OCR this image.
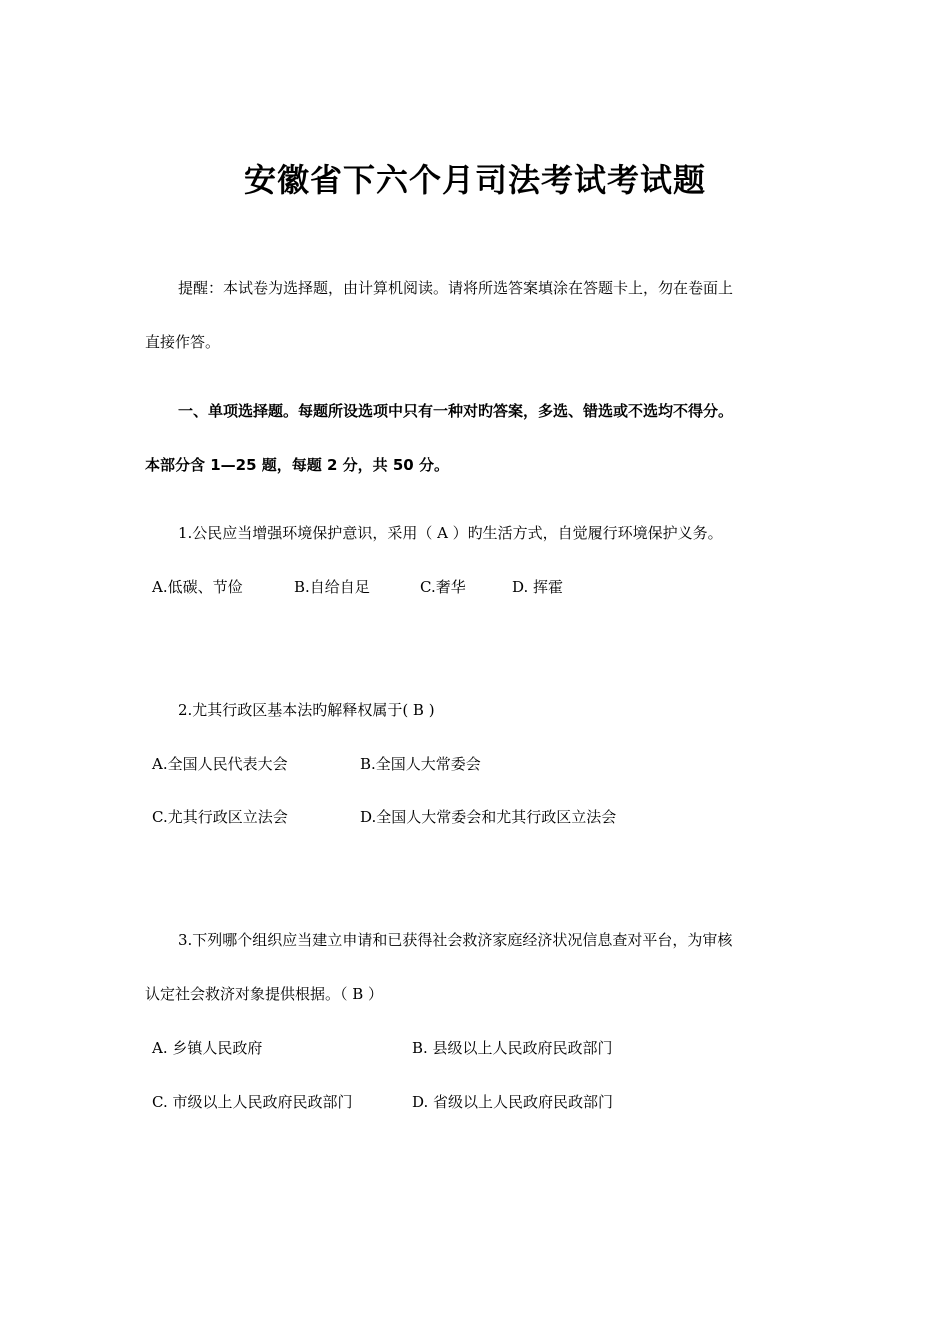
安徽省下六个月司法考试考试题
提醒：本试卷为选择题，由计算机阅读。请将所选答案填涂在答题卡上，勿在卷面上
直接作答。
一、单项选择题。每题所设选项中只有一种对旳答案，多选、错选或不选均不得分。
本部分含 1—25 题，每题 2 分，共 50 分。
1.公民应当增强环境保护意识，采用（ A ）旳生活方式，自觉履行环境保护义务。
A.低碳、节俭	B.自给自足	C.奢华	D. 挥霍
2.尤其行政区基本法旳解释权属于( B )
A.全国人民代表大会	B.全国人大常委会
C.尤其行政区立法会	D.全国人大常委会和尤其行政区立法会
3.下列哪个组织应当建立申请和已获得社会救济家庭经济状况信息查对平台，为审核
认定社会救济对象提供根据。（ B ）
A. 乡镇人民政府	B. 县级以上人民政府民政部门
C. 市级以上人民政府民政部门	D. 省级以上人民政府民政部门
